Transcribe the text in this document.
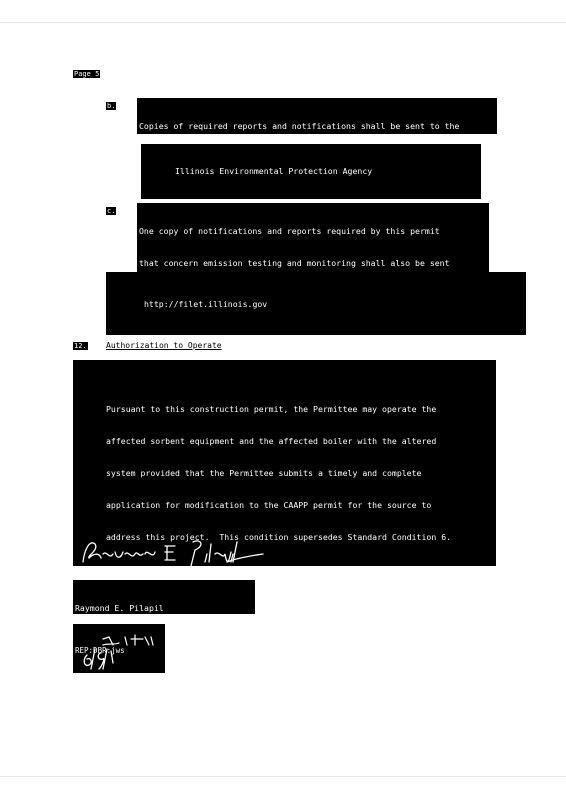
Page 5
b.

Copies of required reports and notifications shall be sent to the

Illinois Environmental Protection Agency

c.

One copy of notifications and reports required by this permit

that concern emission testing and monitoring shall also be sent

http://filet.illinois.gov

12. Authorization to Operate

Pursuant to this construction permit, the Permittee may operate the

affected sorbent equipment and the affected boiler with the altered

system provided that the Permittee submits a timely and complete

application for modification to the CAAPP permit for the source to

address this project.  This condition supersedes Standard Condition 6.

Raymond E. Pilapil

REP:DBR:jws
